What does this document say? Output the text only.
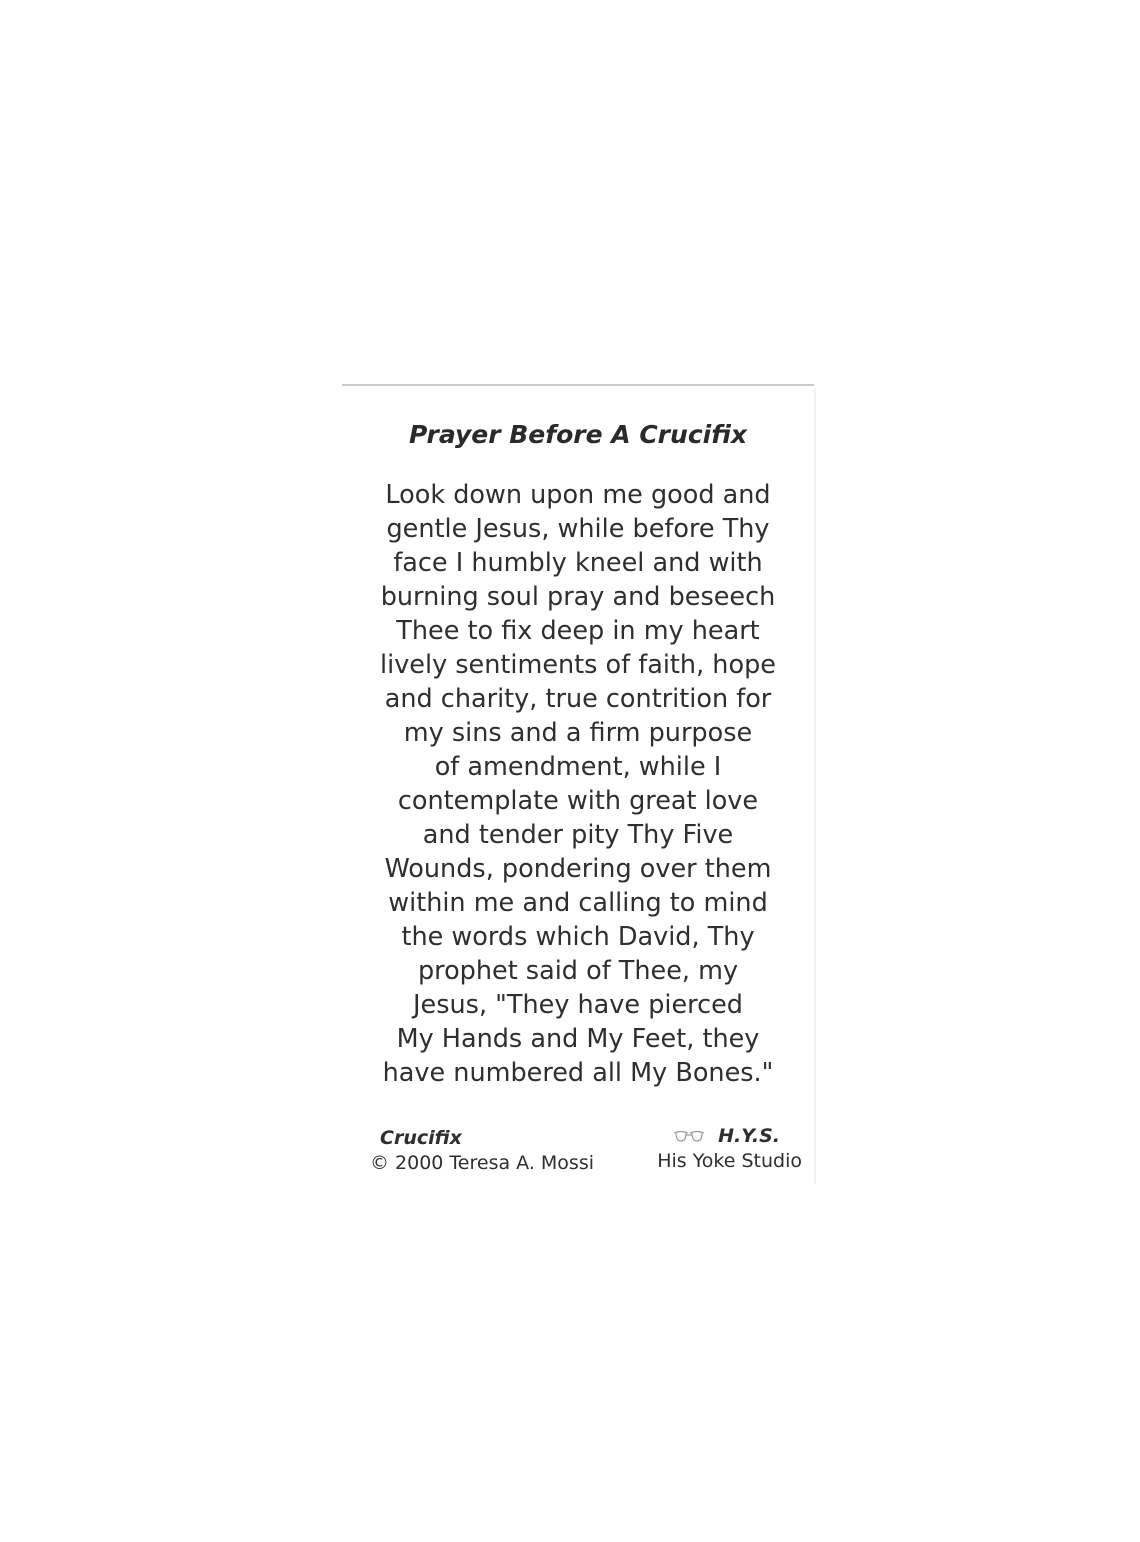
Prayer Before A Crucifix
Look down upon me good and
gentle Jesus, while before Thy
face I humbly kneel and with
burning soul pray and beseech
Thee to fix deep in my heart
lively sentiments of faith, hope
and charity, true contrition for
my sins and a firm purpose
of amendment, while I
contemplate with great love
and tender pity Thy Five
Wounds, pondering over them
within me and calling to mind
the words which David, Thy
prophet said of Thee, my
Jesus, "They have pierced
My Hands and My Feet, they
have numbered all My Bones."
Crucifix
© 2000 Teresa A. Mossi
H.Y.S.
His Yoke Studio
